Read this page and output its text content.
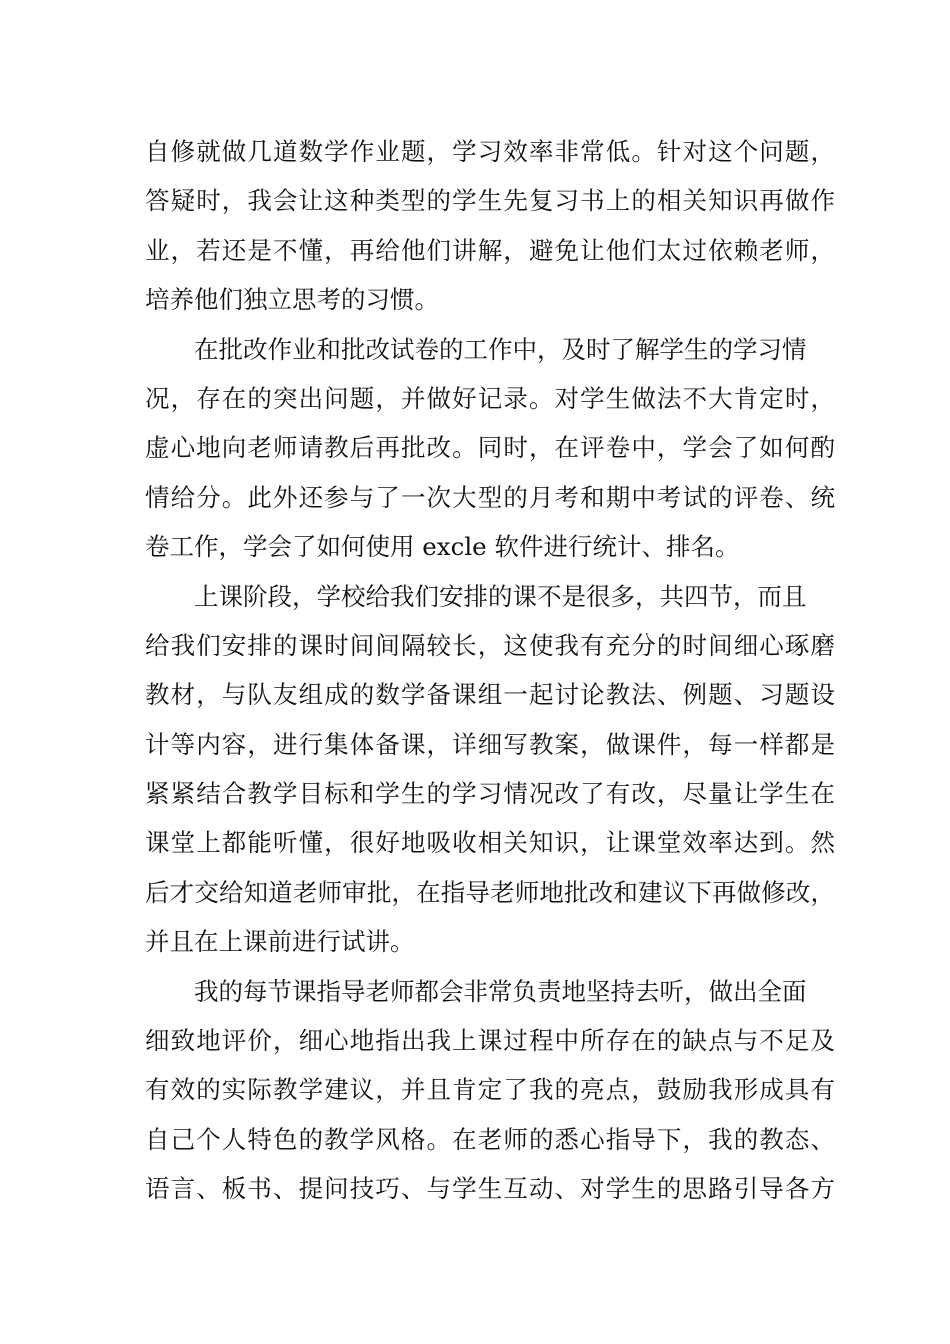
自修就做几道数学作业题，学习效率非常低。针对这个问题，
答疑时，我会让这种类型的学生先复习书上的相关知识再做作
业，若还是不懂，再给他们讲解，避免让他们太过依赖老师，
培养他们独立思考的习惯。
在批改作业和批改试卷的工作中，及时了解学生的学习情
况，存在的突出问题，并做好记录。对学生做法不大肯定时，
虚心地向老师请教后再批改。同时，在评卷中，学会了如何酌
情给分。此外还参与了一次大型的月考和期中考试的评卷、统
卷工作，学会了如何使用 excle 软件进行统计、排名。
上课阶段，学校给我们安排的课不是很多，共四节，而且
给我们安排的课时间间隔较长，这使我有充分的时间细心琢磨
教材，与队友组成的数学备课组一起讨论教法、例题、习题设
计等内容，进行集体备课，详细写教案，做课件，每一样都是
紧紧结合教学目标和学生的学习情况改了有改，尽量让学生在
课堂上都能听懂，很好地吸收相关知识，让课堂效率达到。然
后才交给知道老师审批，在指导老师地批改和建议下再做修改，
并且在上课前进行试讲。
我的每节课指导老师都会非常负责地坚持去听，做出全面
细致地评价，细心地指出我上课过程中所存在的缺点与不足及
有效的实际教学建议，并且肯定了我的亮点，鼓励我形成具有
自己个人特色的教学风格。在老师的悉心指导下，我的教态、
语言、板书、提问技巧、与学生互动、对学生的思路引导各方
